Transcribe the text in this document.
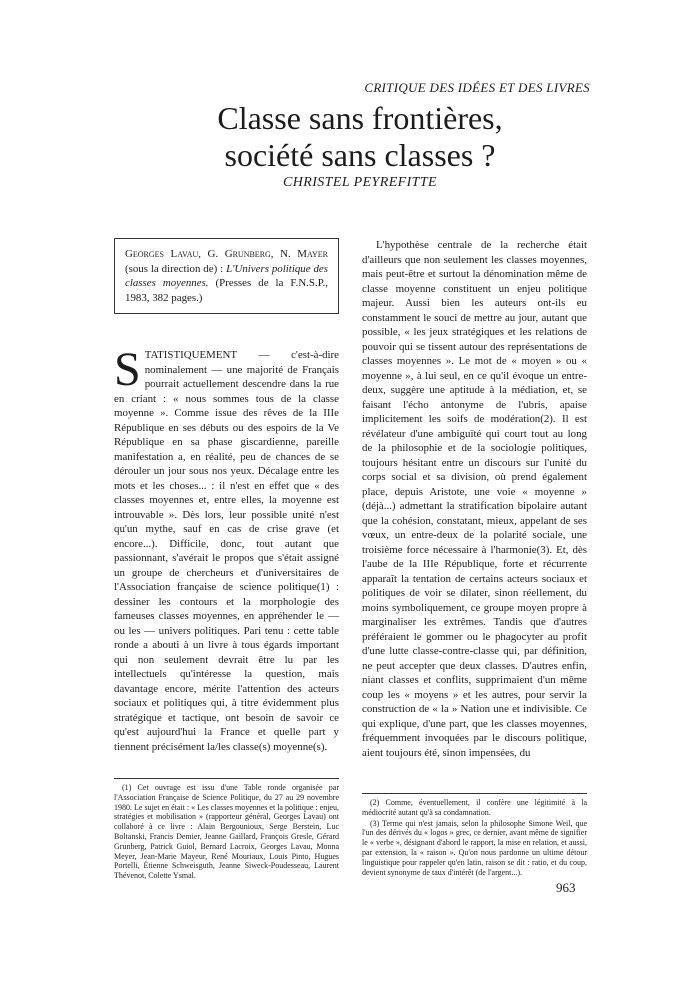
CRITIQUE DES IDÉES ET DES LIVRES
Classe sans frontières,
société sans classes ?
CHRISTEL PEYREFITTE
Georges Lavau, G. Grunberg, N. Mayer (sous la direction de) : L'Univers politique des classes moyennes. (Presses de la F.N.S.P., 1983, 382 pages.)

STATISTIQUEMENT — c'est-à-dire nominalement — une majorité de Français pourrait actuellement descendre dans la rue en criant : « nous sommes tous de la classe moyenne ». Comme issue des rêves de la IIIe République en ses débuts ou des espoirs de la Ve République en sa phase giscardienne, pareille manifestation a, en réalité, peu de chances de se dérouler un jour sous nos yeux. Décalage entre les mots et les choses... : il n'est en effet que « des classes moyennes et, entre elles, la moyenne est introuvable ». Dès lors, leur possible unité n'est qu'un mythe, sauf en cas de crise grave (et encore...). Difficile, donc, tout autant que passionnant, s'avérait le propos que s'était assigné un groupe de chercheurs et d'universitaires de l'Association française de science politique(1) : dessiner les contours et la morphologie des fameuses classes moyennes, en appréhender le — ou les — univers politiques. Pari tenu : cette table ronde a abouti à un livre à tous égards important qui non seulement devrait être lu par les intellectuels qu'intéresse la question, mais davantage encore, mérite l'attention des acteurs sociaux et politiques qui, à titre évidemment plus stratégique et tactique, ont besoin de savoir ce qu'est aujourd'hui la France et quelle part y tiennent précisément la/les classe(s) moyenne(s).

L'hypothèse centrale de la recherche était d'ailleurs que non seulement les classes moyennes, mais peut-être et surtout la dénomination même de classe moyenne constituent un enjeu politique majeur. Aussi bien les auteurs ont-ils eu constamment le souci de mettre au jour, autant que possible, « les jeux stratégiques et les relations de pouvoir qui se tissent autour des représentations de classes moyennes ». Le mot de « moyen » ou « moyenne », à lui seul, en ce qu'il évoque un entre-deux, suggère une aptitude à la médiation, et, se faisant l'écho antonyme de l'ubris, apaise implicitement les soifs de modération(2). Il est révélateur d'une ambiguïté qui court tout au long de la philosophie et de la sociologie politiques, toujours hésitant entre un discours sur l'unité du corps social et sa division, où prend également place, depuis Aristote, une voie « moyenne » (déjà...) admettant la stratification bipolaire autant que la cohésion, constatant, mieux, appelant de ses vœux, un entre-deux de la polarité sociale, une troisième force nécessaire à l'harmonie(3). Et, dès l'aube de la IIIe République, forte et récurrente apparaît la tentation de certains acteurs sociaux et politiques de voir se dilater, sinon réellement, du moins symboliquement, ce groupe moyen propre à marginaliser les extrêmes. Tandis que d'autres préféraient le gommer ou le phagocyter au profit d'une lutte classe-contre-classe qui, par définition, ne peut accepter que deux classes. D'autres enfin, niant classes et conflits, supprimaient d'un même coup les « moyens » et les autres, pour servir la construction de « la » Nation une et indivisible. Ce qui explique, d'une part, que les classes moyennes, fréquemment invoquées par le discours politique, aient toujours été, sinon impensées, du

(1) Cet ouvrage est issu d'une Table ronde organisée par l'Association Française de Science Politique, du 27 au 29 novembre 1980. Le sujet en était : « Les classes moyennes et la politique : enjeu, stratégies et mobilisation » (rapporteur général, Georges Lavau) ont collaboré à ce livre : Alain Bergounioux, Serge Berstein, Luc Boltanski, Francis Demier, Jeanne Gaillard, François Gresle, Gérard Grunberg, Patrick Guiol, Bernard Lacroix, Georges Lavau, Monna Meyer, Jean-Marie Mayeur, René Mouriaux, Louis Pinto, Hugues Portelli, Étienne Schweisguth, Jeanne Siweck-Poudesseau, Laurent Thévenot, Colette Ysmal.

(2) Comme, éventuellement, il confère une légitimité à la médiocrité autant qu'à sa condamnation.

(3) Terme qui n'est jamais, selon la philosophe Simone Weil, que l'un des dérivés du « logos » grec, ce dernier, avant même de signifier le « verbe », désignant d'abord le rapport, la mise en relation, et aussi, par extension, la « raison ». Qu'on nous pardonne un ultime détour linguistique pour rappeler qu'en latin, raison se dit : ratio, et du coup, devient synonyme de taux d'intérêt (de l'argent...).

963
